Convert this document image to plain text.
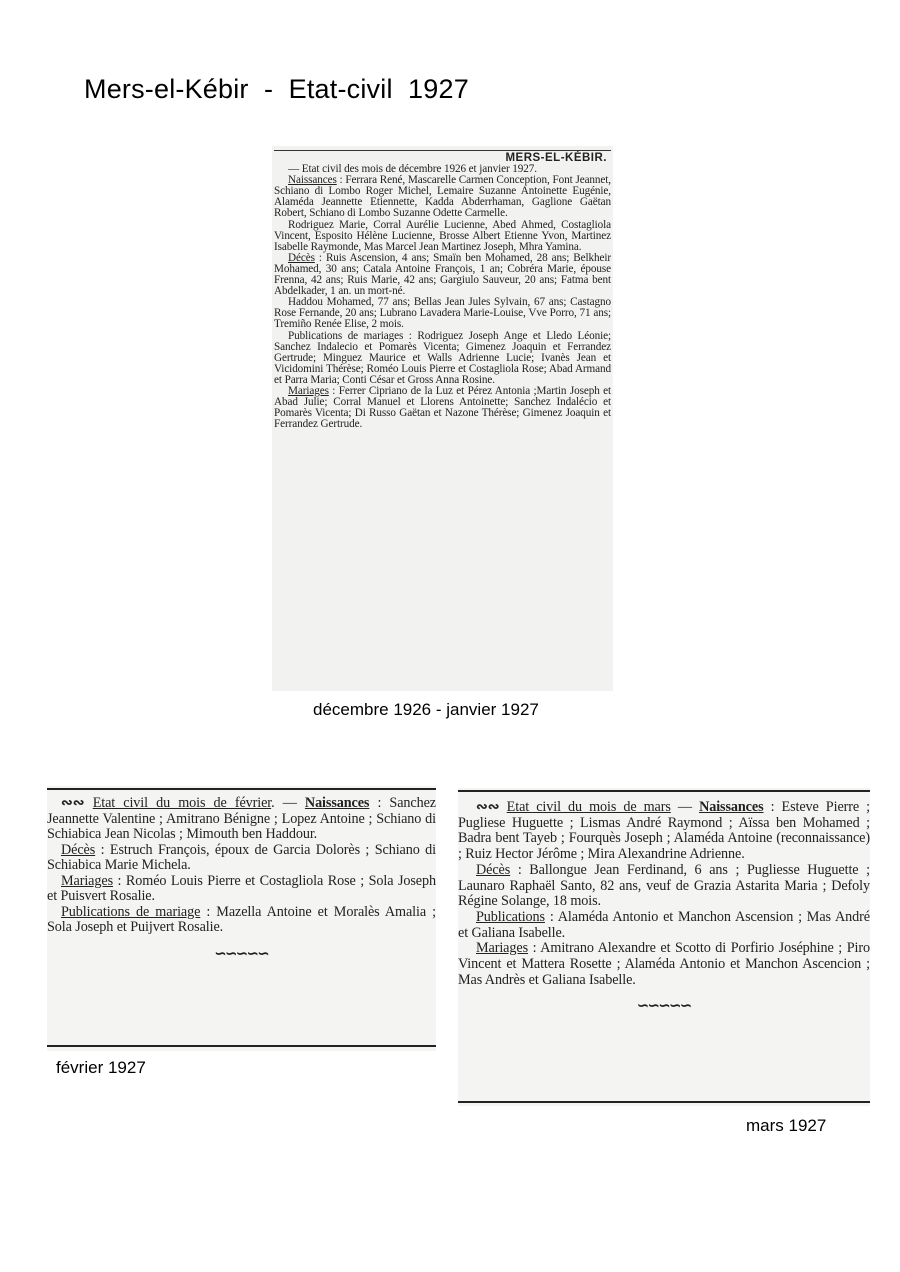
Mers-el-Kébir  -  Etat-civil  1927

MERS-EL-KÉBIR.

— Etat civil des mois de décembre 1926 et janvier 1927.

Naissances : Ferrara René, Mascarelle Carmen Conception, Font Jeannet, Schiano di Lombo Roger Michel, Lemaire Suzanne Antoinette Eugénie, Alaméda Jeannette Etiennette, Kadda Abderrhaman, Gaglione Gaëtan Robert, Schiano di Lombo Suzanne Odette Carmelle.

Rodriguez Marie, Corral Aurélie Lucienne, Abed Ahmed, Costagliola Vincent, Esposito Hélène Lucienne, Brosse Albert Etienne Yvon, Martinez Isabelle Raymonde, Mas Marcel Jean Martinez Joseph, Mhra Yamina.

Décès : Ruis Ascension, 4 ans; Smaïn ben Mohamed, 28 ans; Belkheir Mohamed, 30 ans; Catala Antoine François, 1 an; Cobréra Marie, épouse Frenna, 42 ans; Ruis Marie, 42 ans; Gargiulo Sauveur, 20 ans; Fatma bent Abdelkader, 1 an. un mort-né.

Haddou Mohamed, 77 ans; Bellas Jean Jules Sylvain, 67 ans; Castagno Rose Fernande, 20 ans; Lubrano Lavadera Marie-Louise, Vve Porro, 71 ans; Tremiño Renée Elise, 2 mois.

Publications de mariages : Rodriguez Joseph Ange et Lledo Léonie; Sanchez Indalecio et Pomarès Vicenta; Gimenez Joaquin et Ferrandez Gertrude; Minguez Maurice et Walls Adrienne Lucie; Ivanès Jean et Vicidomini Thérèse; Roméo Louis Pierre et Costagliola Rose; Abad Armand et Parra Maria; Conti César et Gross Anna Rosine.

Mariages : Ferrer Cipriano de la Luz et Pérez Antonia ;Martin Joseph et Abad Julie; Corral Manuel et Llorens Antoinette; Sanchez Indalécio et Pomarès Vicenta; Di Russo Gaëtan et Nazone Thérèse; Gimenez Joaquin et Ferrandez Gertrude.

décembre 1926 - janvier 1927

∾∾ Etat civil du mois de février. — Naissances : Sanchez Jeannette Valentine ; Amitrano Bénigne ; Lopez Antoine ; Schiano di Schiabica Jean Nicolas ; Mimouth ben Haddour.

Décès : Estruch François, époux de Garcia Dolorès ; Schiano di Schiabica Marie Michela.

Mariages : Roméo Louis Pierre et Costagliola Rose ; Sola Joseph et Puisvert Rosalie.

Publications de mariage : Mazella Antoine et Moralès Amalia ; Sola Joseph et Puijvert Rosalie.

∽∽∽∽∽
février 1927

∾∾ Etat civil du mois de mars — Naissances : Esteve Pierre ; Pugliese Huguette ; Lismas André Raymond ; Aïssa ben Mohamed ; Badra bent Tayeb ; Fourquès Joseph ; Alaméda Antoine (reconnaissance) ; Ruiz Hector Jérôme ; Mira Alexandrine Adrienne.

Décès : Ballongue Jean Ferdinand, 6 ans ; Pugliesse Huguette ; Launaro Raphaël Santo, 82 ans, veuf de Grazia Astarita Maria ; Defoly Régine Solange, 18 mois.

Publications : Alaméda Antonio et Manchon Ascension ; Mas André et Galiana Isabelle.

Mariages : Amitrano Alexandre et Scotto di Porfirio Joséphine ; Piro Vincent et Mattera Rosette ; Alaméda Antonio et Manchon Ascencion ; Mas Andrès et Galiana Isabelle.

∽∽∽∽∽
mars 1927
